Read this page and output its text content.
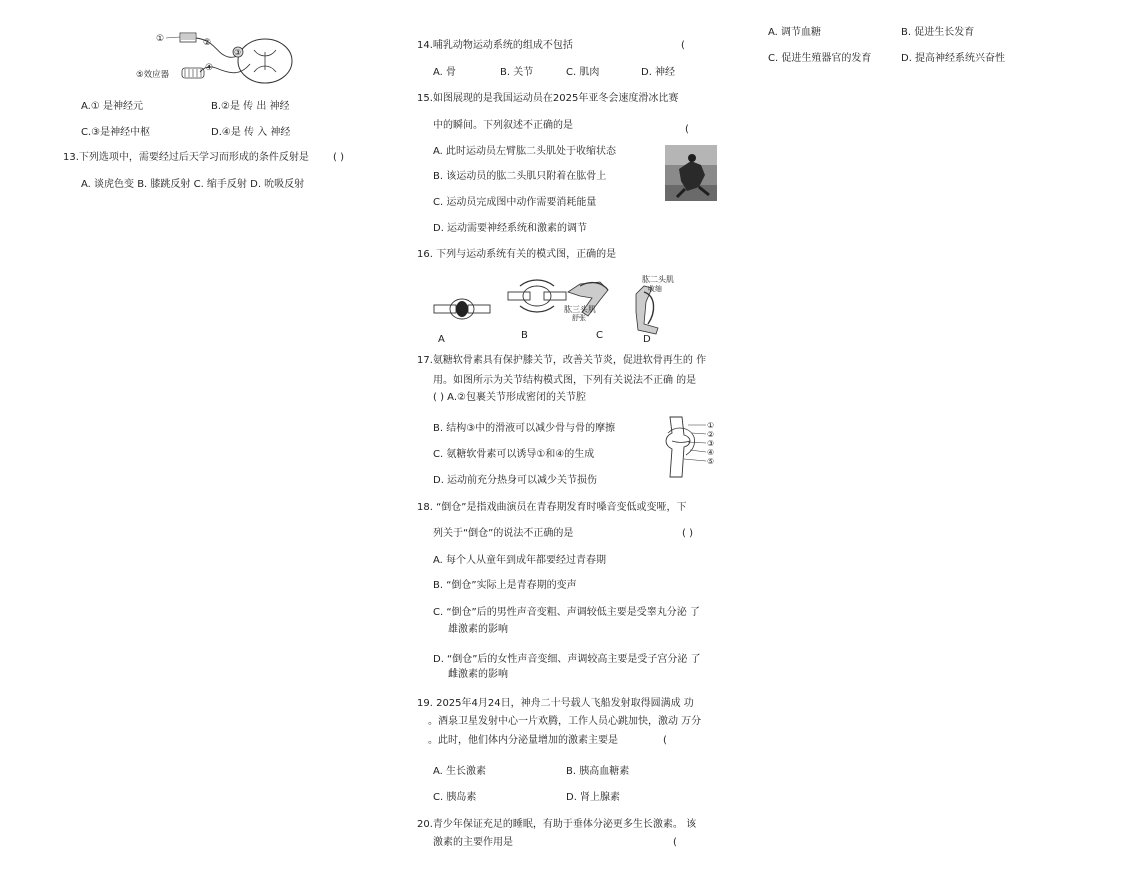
①	②
③
④
⑤效应器
A.① 是神经元	B.②是 传 出 神经
C.③是神经中枢	D.④是 传 入 神经
13.下列选项中，需要经过后天学习而形成的条件反射是 ( )
A. 谈虎色变 B. 膝跳反射 C. 缩手反射 D. 吮吸反射
14.哺乳动物运动系统的组成不包括	(
A. 骨	B. 关节	C. 肌肉	D. 神经
15.如图展现的是我国运动员在2025年亚冬会速度滑冰比赛
中的瞬间。下列叙述不正确的是	(
A. 此时运动员左臂肱二头肌处于收缩状态
B. 该运动员的肱二头肌只附着在肱骨上
C. 运动员完成图中动作需要消耗能量
D. 运动需要神经系统和激素的调节
16. 下列与运动系统有关的模式图，正确的是
A	B
肱三头肌
舒张
C
肱二头肌
收缩
D
17.氨糖软骨素具有保护膝关节，改善关节炎，促进软骨再生的 作
用。如图所示为关节结构模式图，下列有关说法不正确 的是
( ) A.②包裹关节形成密闭的关节腔
B. 结构③中的滑液可以减少骨与骨的摩擦
C. 氨糖软骨素可以诱导①和④的生成
D. 运动前充分热身可以减少关节损伤
①
②
③
④
⑤
18. “倒仓”是指戏曲演员在青春期发育时嗓音变低或变哑，下
列关于“倒仓”的说法不正确的是	( )
A. 每个人从童年到成年都要经过青春期
B. “倒仓”实际上是青春期的变声
C. “倒仓”后的男性声音变粗、声调较低主要是受睾丸分泌 了
雄激素的影响
D. “倒仓”后的女性声音变细、声调较高主要是受子宫分泌 了
雌激素的影响
19. 2025年4月24日，神舟二十号载人飞船发射取得圆满成 功
。酒泉卫星发射中心一片欢腾，工作人员心跳加快，激动 万分
。此时，他们体内分泌量增加的激素主要是	(
A. 生长激素	B. 胰高血糖素
C. 胰岛素	D. 肾上腺素
20.青少年保证充足的睡眠，有助于垂体分泌更多生长激素。 该
激素的主要作用是	(
A. 调节血糖	B. 促进生长发育
C. 促进生殖器官的发育	D. 提高神经系统兴奋性
